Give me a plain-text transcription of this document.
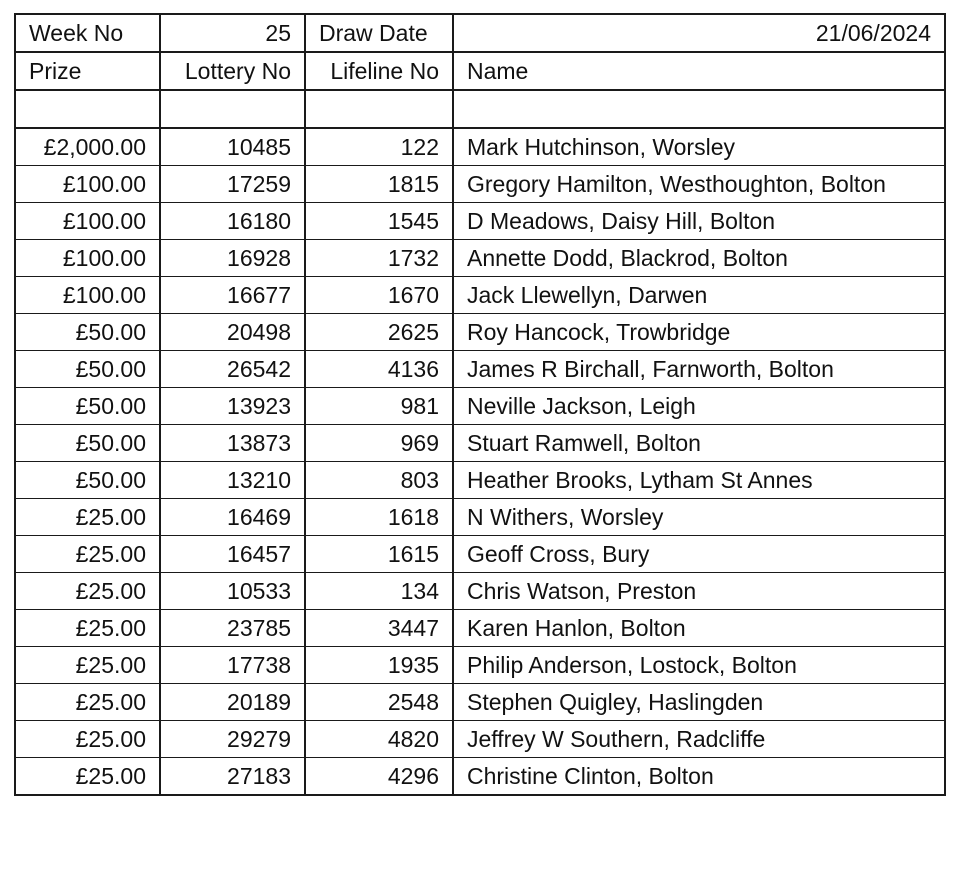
Week No	25	Draw Date	21/06/2024
Prize	Lottery No	Lifeline No	Name

£2,000.00	10485	122	Mark Hutchinson, Worsley
£100.00	17259	1815	Gregory Hamilton, Westhoughton, Bolton
£100.00	16180	1545	D Meadows, Daisy Hill, Bolton
£100.00	16928	1732	Annette Dodd, Blackrod, Bolton
£100.00	16677	1670	Jack Llewellyn, Darwen
£50.00	20498	2625	Roy Hancock, Trowbridge
£50.00	26542	4136	James R Birchall, Farnworth, Bolton
£50.00	13923	981	Neville Jackson, Leigh
£50.00	13873	969	Stuart Ramwell, Bolton
£50.00	13210	803	Heather Brooks, Lytham St Annes
£25.00	16469	1618	N Withers, Worsley
£25.00	16457	1615	Geoff Cross, Bury
£25.00	10533	134	Chris Watson, Preston
£25.00	23785	3447	Karen Hanlon, Bolton
£25.00	17738	1935	Philip Anderson, Lostock, Bolton
£25.00	20189	2548	Stephen Quigley, Haslingden
£25.00	29279	4820	Jeffrey W Southern, Radcliffe
£25.00	27183	4296	Christine Clinton, Bolton
